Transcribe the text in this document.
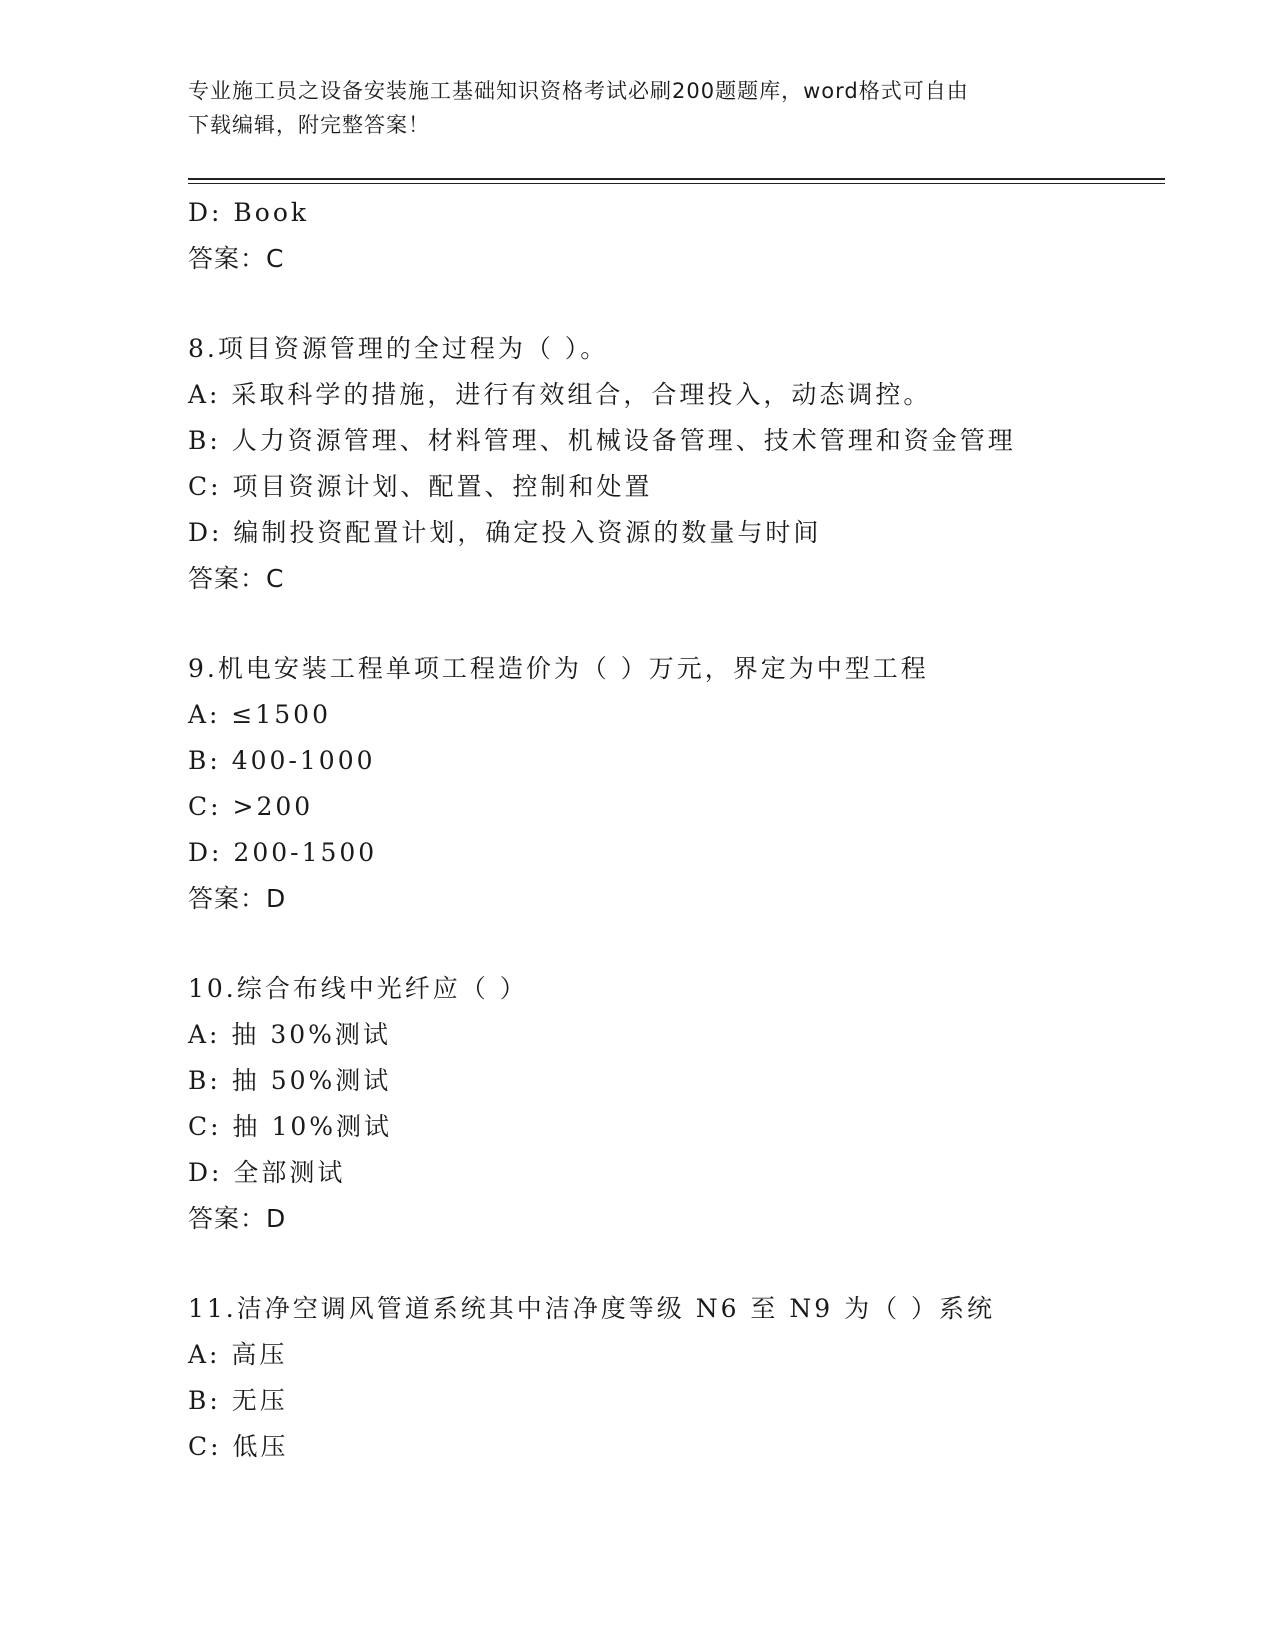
专业施工员之设备安装施工基础知识资格考试必刷200题题库，word格式可自由
下载编辑，附完整答案！
D: Book
答案：C
8.项目资源管理的全过程为（ ）。
A: 采取科学的措施，进行有效组合，合理投入，动态调控。
B: 人力资源管理、材料管理、机械设备管理、技术管理和资金管理
C: 项目资源计划、配置、控制和处置
D: 编制投资配置计划，确定投入资源的数量与时间
答案：C
9.机电安装工程单项工程造价为（ ）万元，界定为中型工程
A: ≤1500
B: 400-1000
C: >200
D: 200-1500
答案：D
10.综合布线中光纤应（ ）
A: 抽 30%测试
B: 抽 50%测试
C: 抽 10%测试
D: 全部测试
答案：D
11.洁净空调风管道系统其中洁净度等级 N6 至 N9 为（ ）系统
A: 高压
B: 无压
C: 低压
